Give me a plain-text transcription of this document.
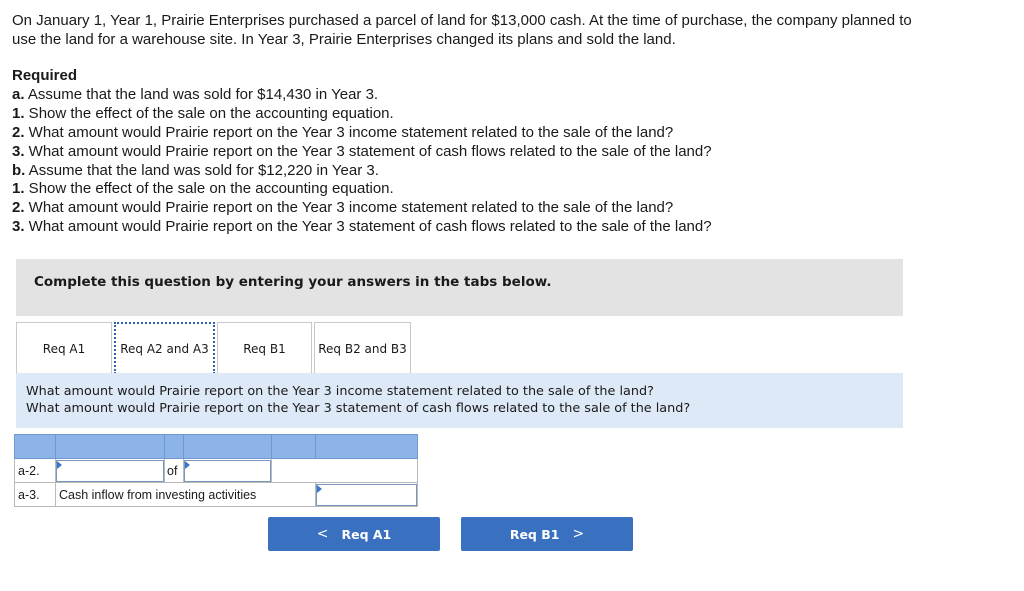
On January 1, Year 1, Prairie Enterprises purchased a parcel of land for $13,000 cash. At the time of purchase, the company planned to
use the land for a warehouse site. In Year 3, Prairie Enterprises changed its plans and sold the land.
Required
a. Assume that the land was sold for $14,430 in Year 3.
1. Show the effect of the sale on the accounting equation.
2. What amount would Prairie report on the Year 3 income statement related to the sale of the land?
3. What amount would Prairie report on the Year 3 statement of cash flows related to the sale of the land?
b. Assume that the land was sold for $12,220 in Year 3.
1. Show the effect of the sale on the accounting equation.
2. What amount would Prairie report on the Year 3 income statement related to the sale of the land?
3. What amount would Prairie report on the Year 3 statement of cash flows related to the sale of the land?
Complete this question by entering your answers in the tabs below.
Req A1	Req A2 and A3	Req B1	Req B2 and B3
What amount would Prairie report on the Year 3 income statement related to the sale of the land?
What amount would Prairie report on the Year 3 statement of cash flows related to the sale of the land?

a-2.		of		

a-3.	Cash inflow from investing activities				
< Req A1	Req B1 >
